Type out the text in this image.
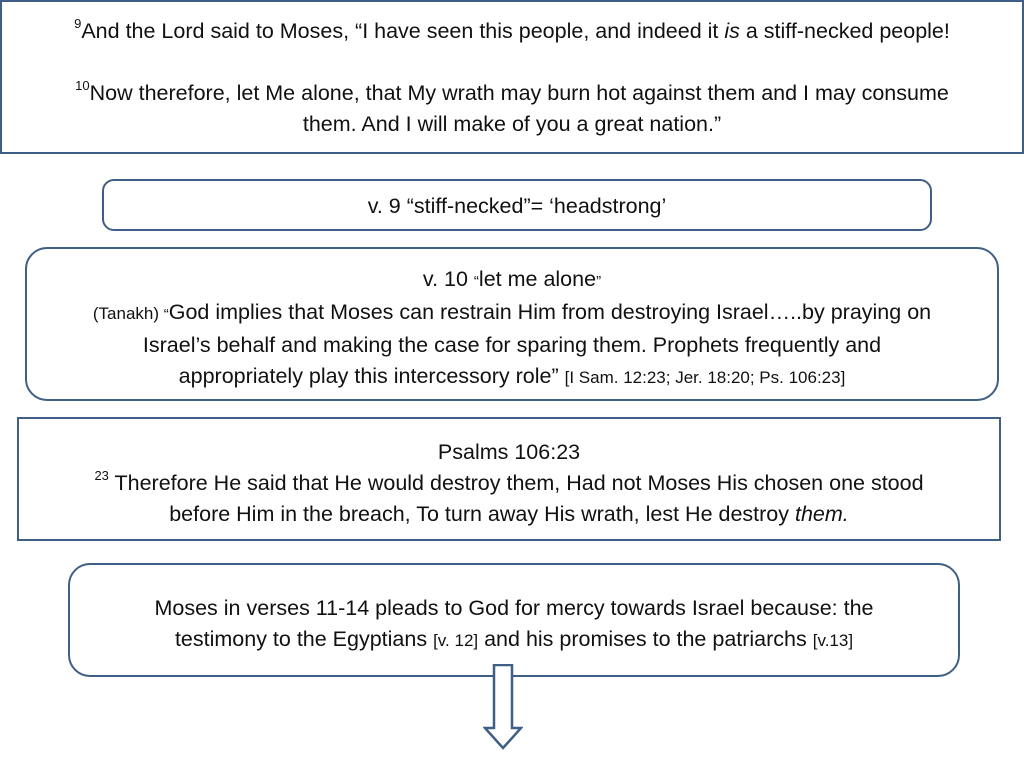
$^9$And the Lord said to Moses, “I have seen this people, and indeed it is a stiff-necked people!
$^{10}$Now therefore, let Me alone, that My wrath may burn hot against them and I may consume
them. And I will make of you a great nation.”
v. 9 “stiff-necked”= ‘headstrong’
v. 10 “let me alone”
(Tanakh) “God implies that Moses can restrain Him from destroying Israel…..by praying on
Israel’s behalf and making the case for sparing them. Prophets frequently and
appropriately play this intercessory role” [I Sam. 12:23; Jer. 18:20; Ps. 106:23]
Psalms 106:23
$^{23}$ Therefore He said that He would destroy them, Had not Moses His chosen one stood
before Him in the breach, To turn away His wrath, lest He destroy them.
Moses in verses 11-14 pleads to God for mercy towards Israel because: the
testimony to the Egyptians [v. 12] and his promises to the patriarchs [v.13]
